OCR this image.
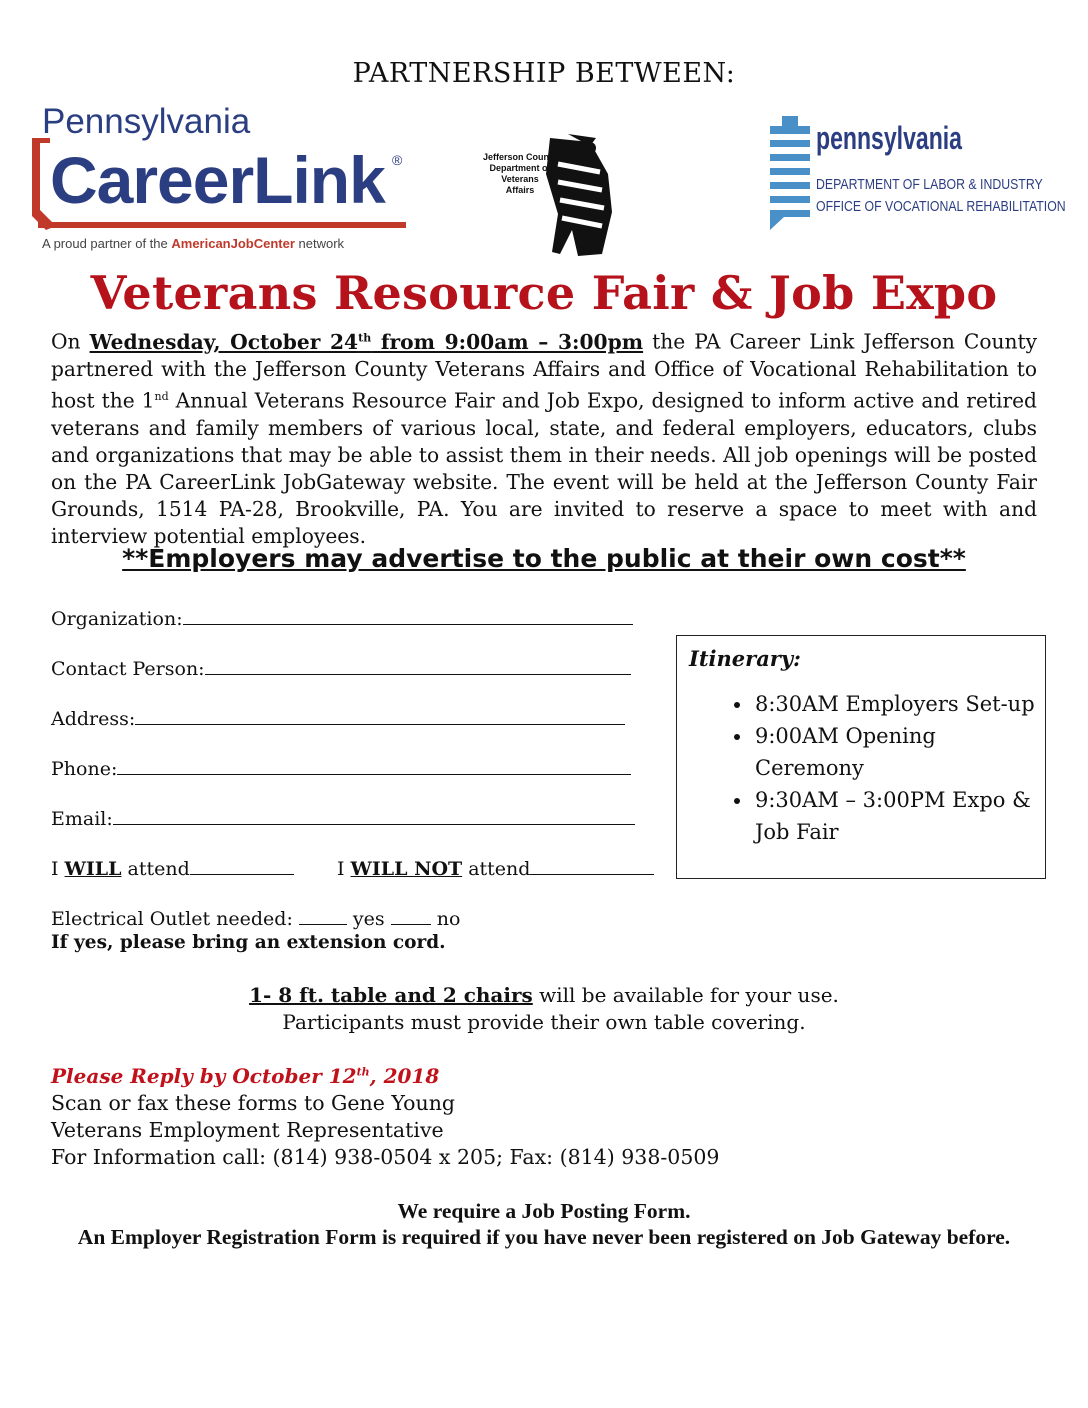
PARTNERSHIP BETWEEN:
Pennsylvania
CareerLink ®
A proud partner of the AmericanJobCenter network
Jefferson County
Department of
Veterans
Affairs
pennsylvania
DEPARTMENT OF LABOR & INDUSTRY
OFFICE OF VOCATIONAL REHABILITATION
Veterans Resource Fair & Job Expo
On Wednesday, October 24th from 9:00am – 3:00pm the PA Career Link Jefferson County partnered with the Jefferson County Veterans Affairs and Office of Vocational Rehabilitation to host the 1nd Annual Veterans Resource Fair and Job Expo, designed to inform active and retired veterans and family members of various local, state, and federal employers, educators, clubs and organizations that may be able to assist them in their needs. All job openings will be posted on the PA CareerLink JobGateway website. The event will be held at the Jefferson County Fair Grounds, 1514 PA-28, Brookville, PA. You are invited to reserve a space to meet with and interview potential employees.
**Employers may advertise to the public at their own cost**
Organization:
Contact Person:
Address:
Phone:
Email:
I WILL attend	I WILL NOT attend
Electrical Outlet needed:	yes  no
If yes, please bring an extension cord.
Itinerary:
• 8:30AM Employers Set-up
• 9:00AM Opening Ceremony
• 9:30AM – 3:00PM Expo & Job Fair
1- 8 ft. table and 2 chairs will be available for your use.
Participants must provide their own table covering.
Please Reply by October 12th, 2018
Scan or fax these forms to Gene Young
Veterans Employment Representative
For Information call: (814) 938-0504 x 205; Fax: (814) 938-0509
We require a Job Posting Form.
An Employer Registration Form is required if you have never been registered on Job Gateway before.
